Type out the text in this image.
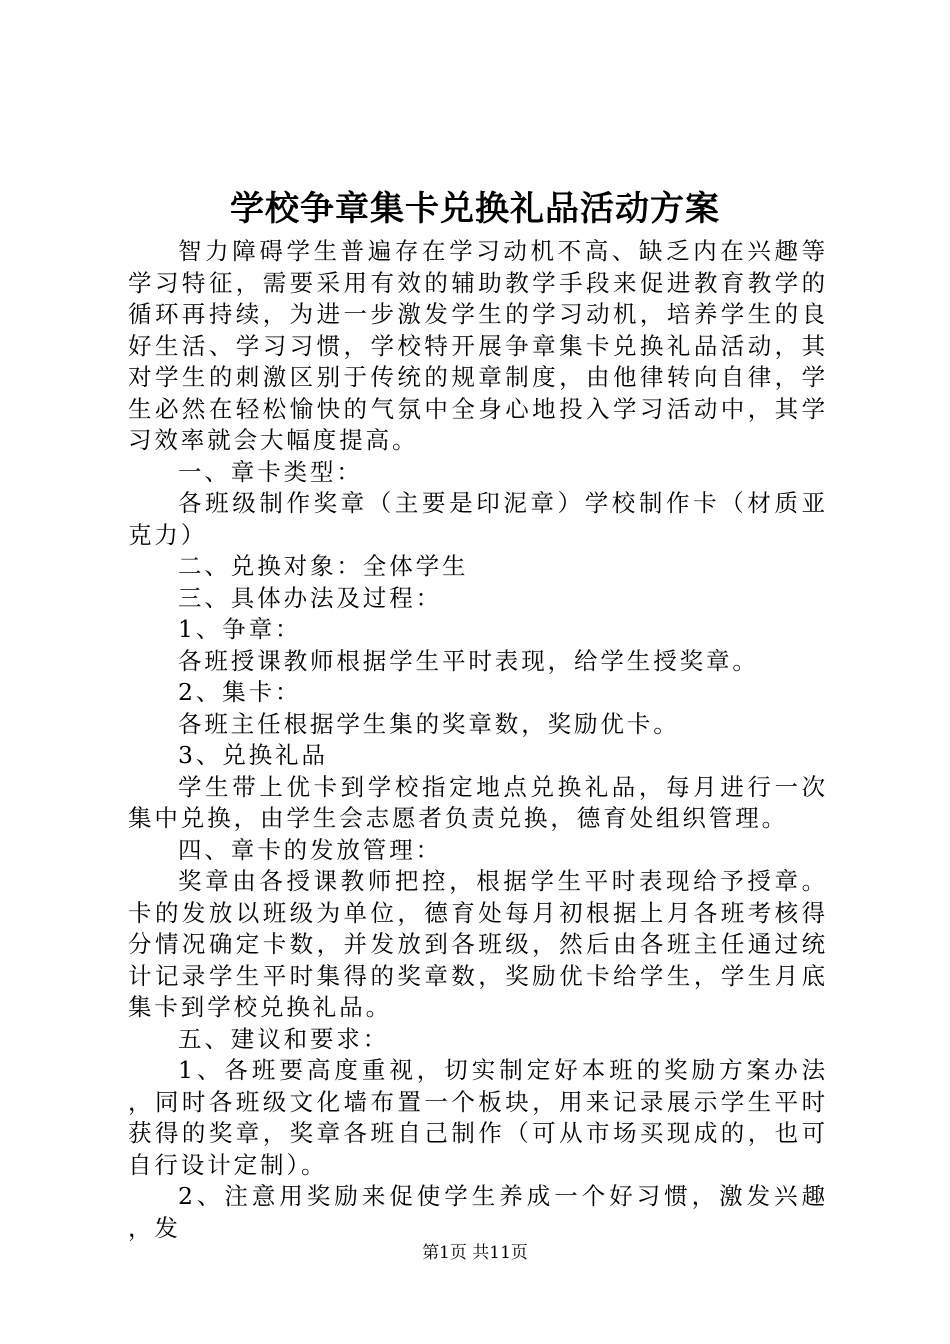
学校争章集卡兑换礼品活动方案

智力障碍学生普遍存在学习动机不高、缺乏内在兴趣等学习特征，需要采用有效的辅助教学手段来促进教育教学的循环再持续，为进一步激发学生的学习动机，培养学生的良好生活、学习习惯，学校特开展争章集卡兑换礼品活动，其对学生的刺激区别于传统的规章制度，由他律转向自律，学生必然在轻松愉快的气氛中全身心地投入学习活动中，其学习效率就会大幅度提高。

一、章卡类型：

各班级制作奖章（主要是印泥章）学校制作卡（材质亚克力）

二、兑换对象：全体学生

三、具体办法及过程：

1、争章：

各班授课教师根据学生平时表现，给学生授奖章。

2、集卡：

各班主任根据学生集的奖章数，奖励优卡。

3、兑换礼品

学生带上优卡到学校指定地点兑换礼品，每月进行一次集中兑换，由学生会志愿者负责兑换，德育处组织管理。

四、章卡的发放管理：

奖章由各授课教师把控，根据学生平时表现给予授章。卡的发放以班级为单位，德育处每月初根据上月各班考核得分情况确定卡数，并发放到各班级，然后由各班主任通过统计记录学生平时集得的奖章数，奖励优卡给学生，学生月底集卡到学校兑换礼品。

五、建议和要求：

1、各班要高度重视，切实制定好本班的奖励方案办法，同时各班级文化墙布置一个板块，用来记录展示学生平时获得的奖章，奖章各班自己制作（可从市场买现成的，也可自行设计定制）。

2、注意用奖励来促使学生养成一个好习惯，激发兴趣，发

第1页 共11页
